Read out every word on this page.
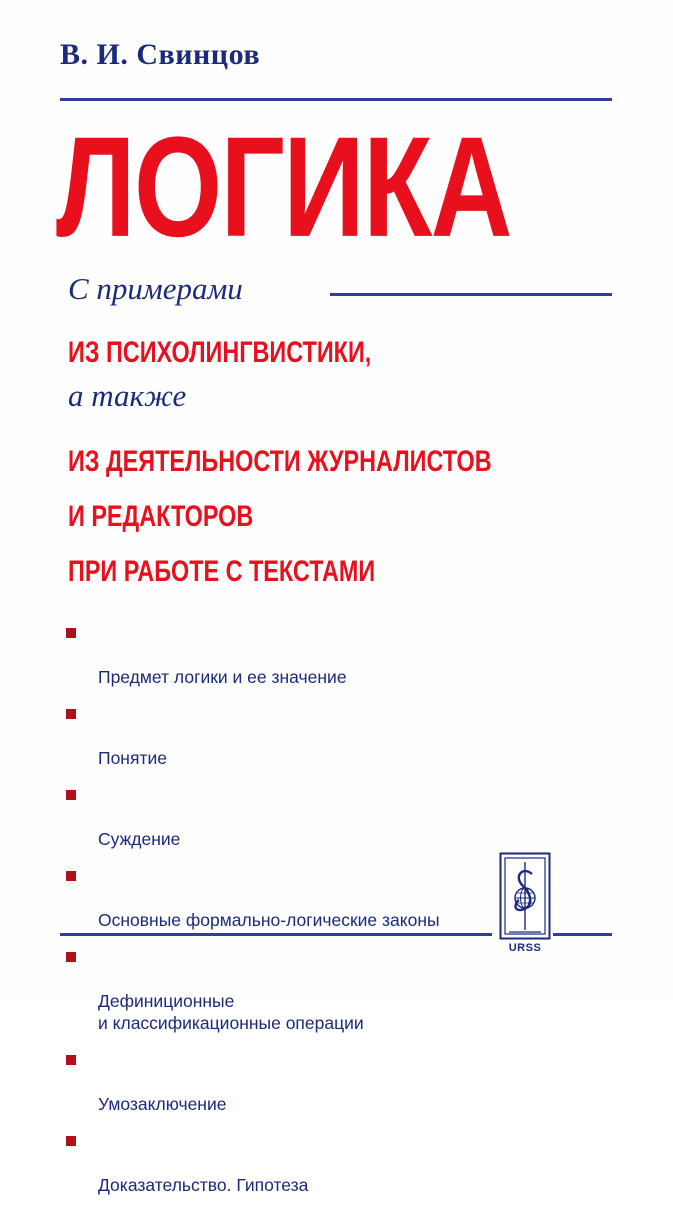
В. И. Свинцов
ЛОГИКА
С примерами
ИЗ ПСИХОЛИНГВИСТИКИ,
а также
ИЗ ДЕЯТЕЛЬНОСТИ ЖУРНАЛИСТОВ
И РЕДАКТОРОВ
ПРИ РАБОТЕ С ТЕКСТАМИ

Предмет логики и ее значение

Понятие

Суждение

Основные формально-логические законы

Дефиниционные
и классификационные операции

Умозаключение

Доказательство. Гипотеза

URSS
